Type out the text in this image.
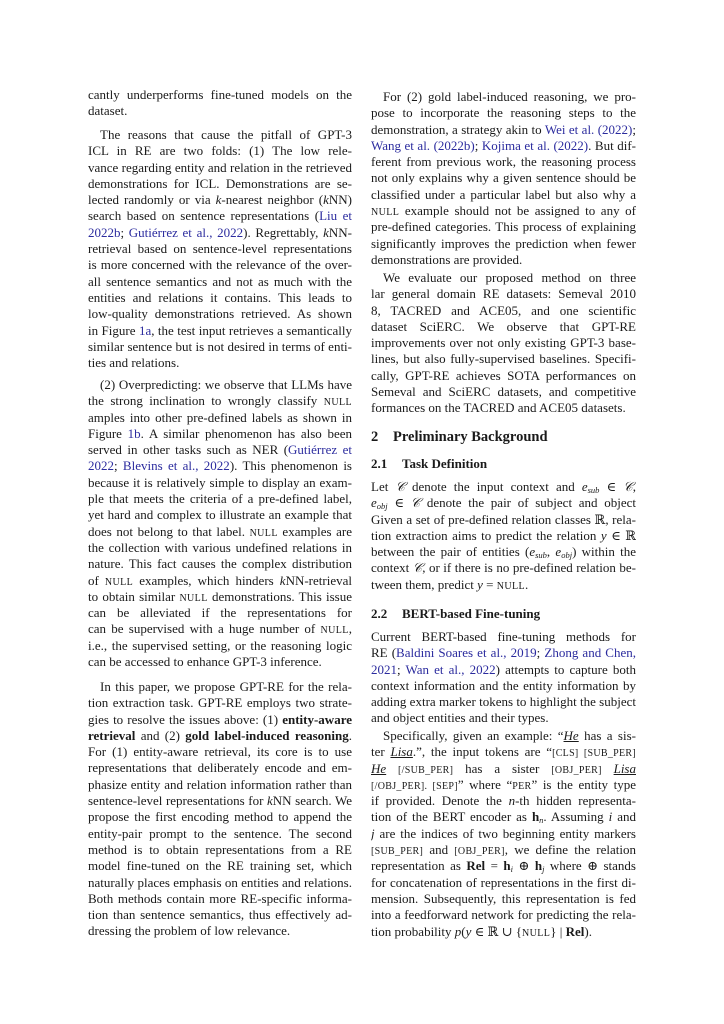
cantly underperforms fine-tuned models on the
dataset.
The reasons that cause the pitfall of GPT-3
ICL in RE are two folds: (1) The low rele-
vance regarding entity and relation in the retrieved
demonstrations for ICL. Demonstrations are se-
lected randomly or via k-nearest neighbor (kNN)
search based on sentence representations (Liu et
2022b; Gutiérrez et al., 2022). Regrettably, kNN-
retrieval based on sentence-level representations
is more concerned with the relevance of the over-
all sentence semantics and not as much with the
entities and relations it contains. This leads to
low-quality demonstrations retrieved. As shown
in Figure 1a, the test input retrieves a semantically
similar sentence but is not desired in terms of enti-
ties and relations.
(2) Overpredicting: we observe that LLMs have
the strong inclination to wrongly classify NULL
amples into other pre-defined labels as shown in
Figure 1b. A similar phenomenon has also been
served in other tasks such as NER (Gutiérrez et
2022; Blevins et al., 2022). This phenomenon is
because it is relatively simple to display an exam-
ple that meets the criteria of a pre-defined label,
yet hard and complex to illustrate an example that
does not belong to that label. NULL examples are
the collection with various undefined relations in
nature. This fact causes the complex distribution
of NULL examples, which hinders kNN-retrieval
to obtain similar NULL demonstrations. This issue
can be alleviated if the representations for
can be supervised with a huge number of NULL,
i.e., the supervised setting, or the reasoning logic
can be accessed to enhance GPT-3 inference.
In this paper, we propose GPT-RE for the rela-
tion extraction task. GPT-RE employs two strate-
gies to resolve the issues above: (1) entity-aware
retrieval and (2) gold label-induced reasoning.
For (1) entity-aware retrieval, its core is to use
representations that deliberately encode and em-
phasize entity and relation information rather than
sentence-level representations for kNN search. We
propose the first encoding method to append the
entity-pair prompt to the sentence. The second
method is to obtain representations from a RE
model fine-tuned on the RE training set, which
naturally places emphasis on entities and relations.
Both methods contain more RE-specific informa-
tion than sentence semantics, thus effectively ad-
dressing the problem of low relevance.
For (2) gold label-induced reasoning, we pro-
pose to incorporate the reasoning steps to the
demonstration, a strategy akin to Wei et al. (2022);
Wang et al. (2022b); Kojima et al. (2022). But dif-
ferent from previous work, the reasoning process
not only explains why a given sentence should be
classified under a particular label but also why a
NULL example should not be assigned to any of
pre-defined categories. This process of explaining
significantly improves the prediction when fewer
demonstrations are provided.
We evaluate our proposed method on three
lar general domain RE datasets: Semeval 2010
8, TACRED and ACE05, and one scientific
dataset SciERC. We observe that GPT-RE
improvements over not only existing GPT-3 base-
lines, but also fully-supervised baselines. Specifi-
cally, GPT-RE achieves SOTA performances on
Semeval and SciERC datasets, and competitive
formances on the TACRED and ACE05 datasets.
2 Preliminary Background
2.1 Task Definition
Let 𝒞 denote the input context and $e_{sub}$ ∈ 𝒞,
$e_{obj}$ ∈ 𝒞 denote the pair of subject and object
Given a set of pre-defined relation classes ℝ, rela-
tion extraction aims to predict the relation y ∈ ℝ
between the pair of entities ($e_{sub}$, $e_{obj}$) within the
context 𝒞, or if there is no pre-defined relation be-
tween them, predict y = NULL.
2.2 BERT-based Fine-tuning
Current BERT-based fine-tuning methods for
RE (Baldini Soares et al., 2019; Zhong and Chen,
2021; Wan et al., 2022) attempts to capture both
context information and the entity information by
adding extra marker tokens to highlight the subject
and object entities and their types.
Specifically, given an example: “He has a sis-
ter Lisa.”, the input tokens are “[CLS] [SUB_PER]
He [/SUB_PER] has a sister [OBJ_PER] Lisa
[/OBJ_PER]. [SEP]” where “PER” is the entity type
if provided. Denote the n-th hidden representa-
tion of the BERT encoder as $h_n$. Assuming i and
j are the indices of two beginning entity markers
[SUB_PER] and [OBJ_PER], we define the relation
representation as Rel = $h_i$ ⊕ $h_j$ where ⊕ stands
for concatenation of representations in the first di-
mension. Subsequently, this representation is fed
into a feedforward network for predicting the rela-
tion probability p(y ∈ ℝ ∪ {NULL} | Rel).
